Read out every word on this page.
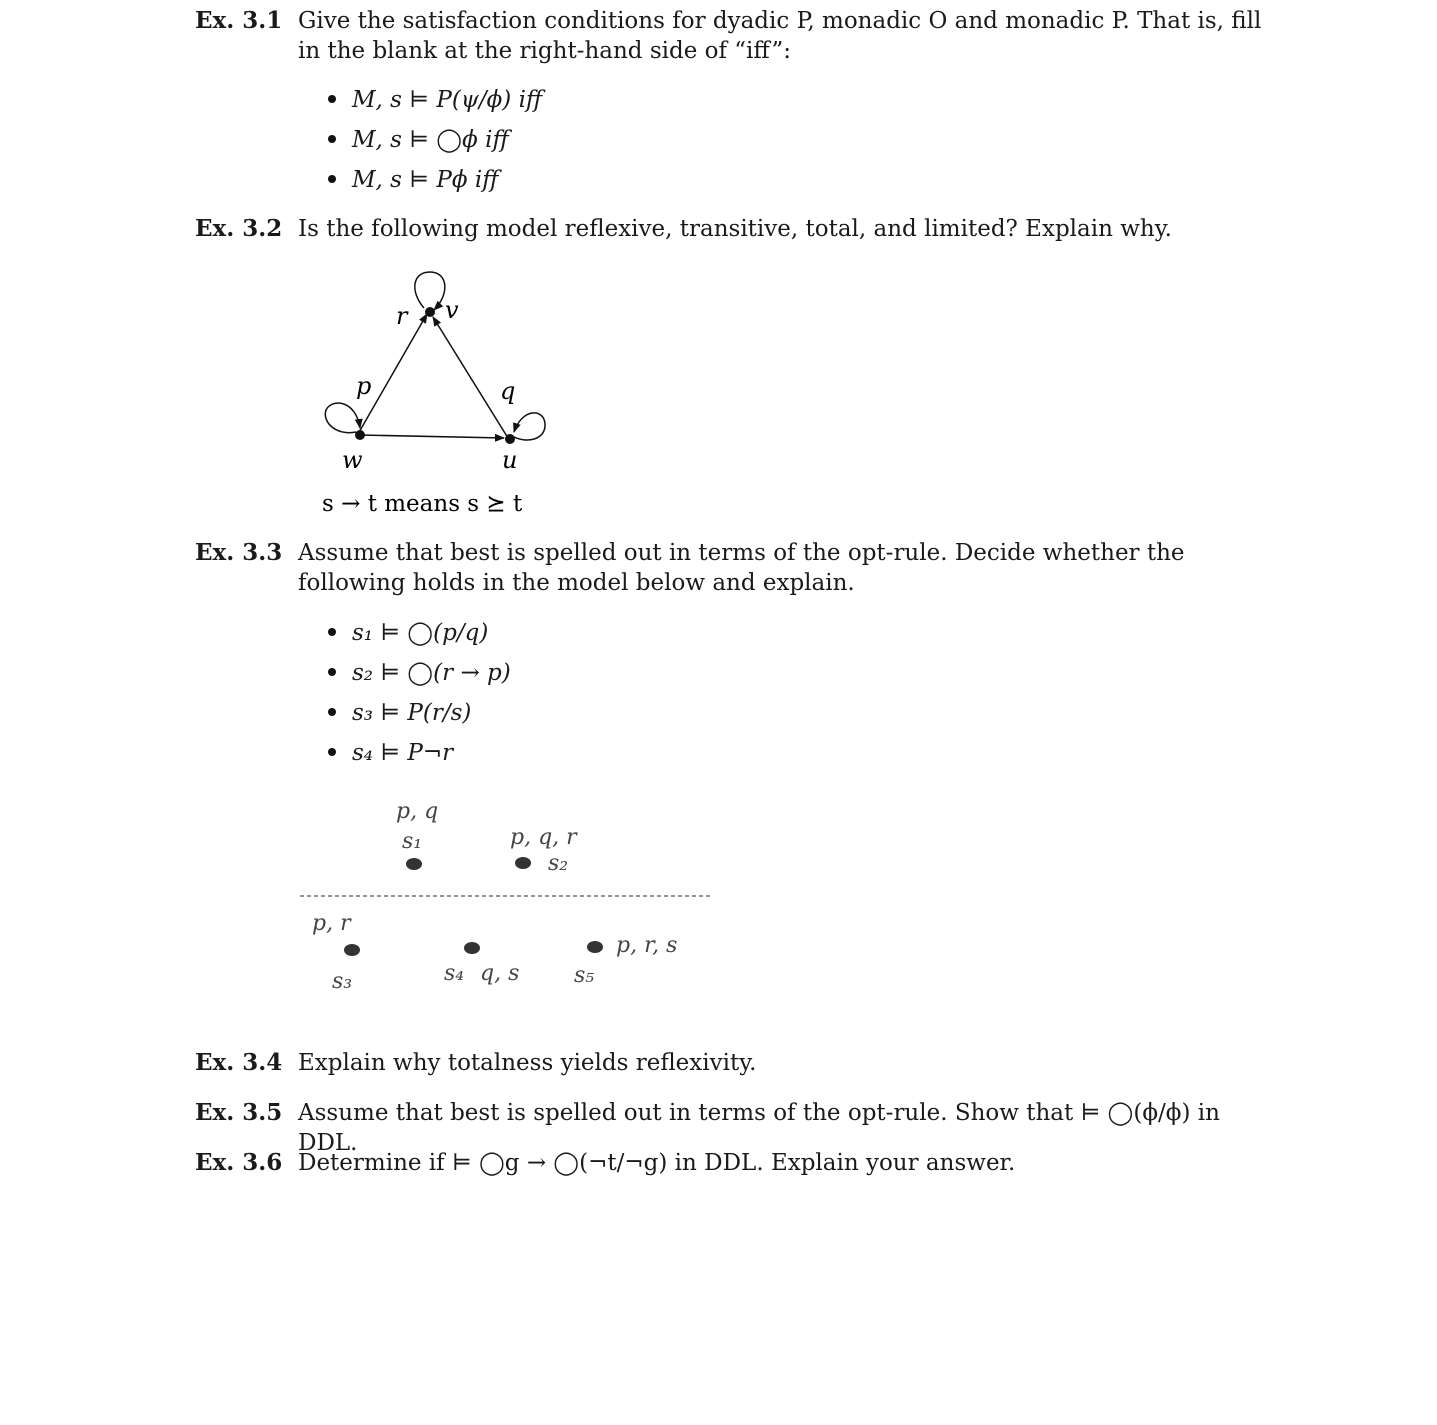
Ex. 3.1 Give the satisfaction conditions for dyadic P, monadic O and monadic P. That is, fill in the blank at the right-hand side of “iff”:
M, s ⊨ P(ψ/ϕ) iff
M, s ⊨ ◯ϕ iff
M, s ⊨ Pϕ iff
Ex. 3.2 Is the following model reflexive, transitive, total, and limited? Explain why.
r v
p	q
w	u
s → t means s ⪰ t
Ex. 3.3 Assume that best is spelled out in terms of the opt-rule. Decide whether the following holds in the model below and explain.
s₁ ⊨ ◯(p/q)
s₂ ⊨ ◯(r → p)
s₃ ⊨ P(r/s)
s₄ ⊨ P¬r
p, q
s₁	p, q, r
s₂
p, r
s₃	s₄ q, s
p, r, s
s₅
Ex. 3.4 Explain why totalness yields reflexivity.
Ex. 3.5 Assume that best is spelled out in terms of the opt-rule. Show that ⊨ ◯(ϕ/ϕ) in DDL.
Ex. 3.6 Determine if ⊨ ◯g → ◯(¬t/¬g) in DDL. Explain your answer.
